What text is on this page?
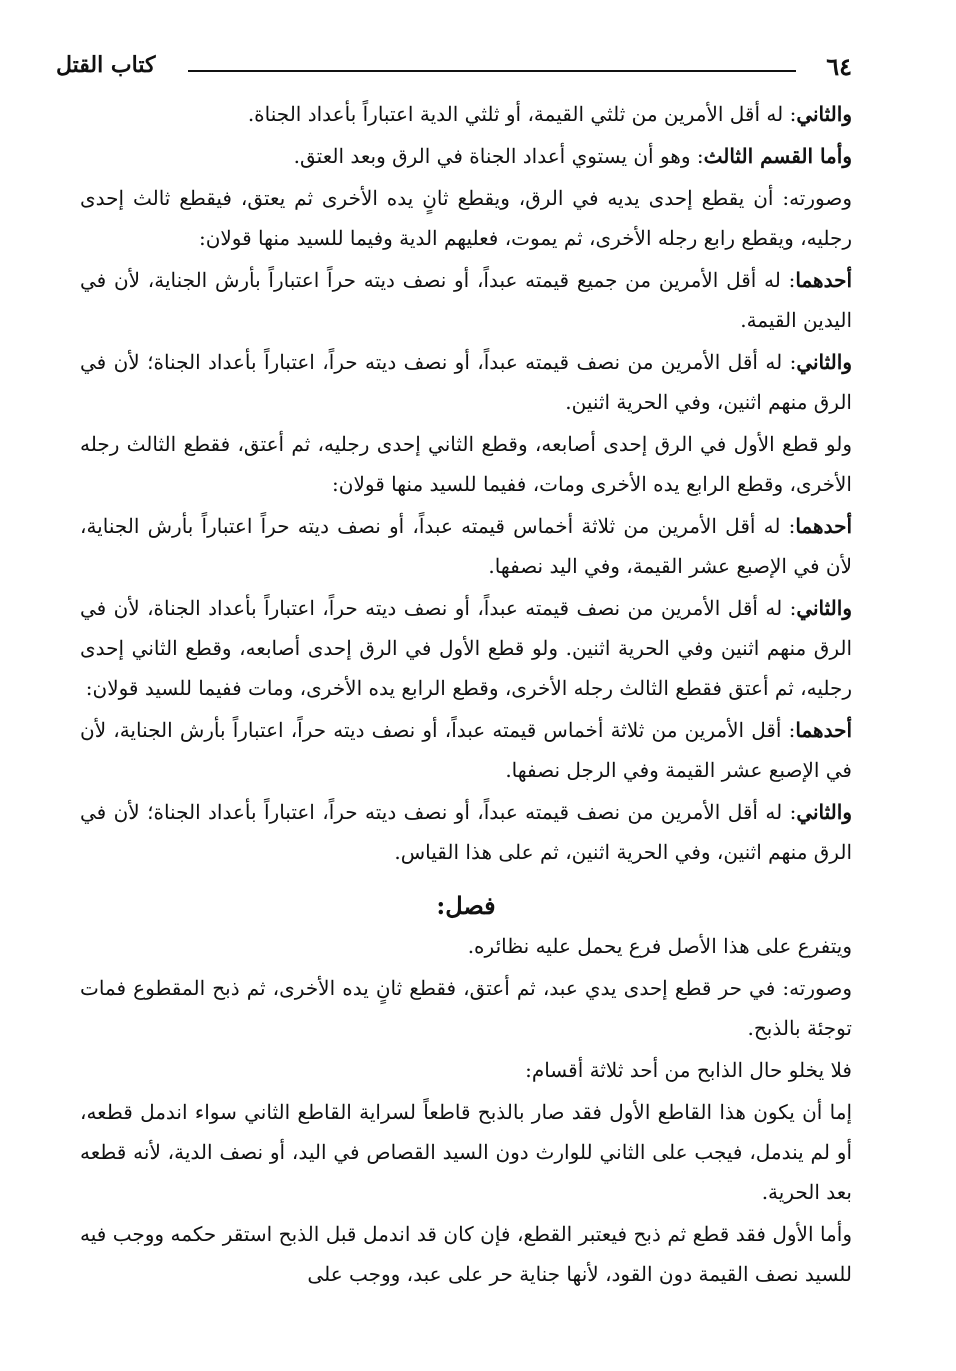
٦٤
كتاب القتل

والثاني: له أقل الأمرين من ثلثي القيمة، أو ثلثي الدية اعتباراً بأعداد الجناة.

وأما القسم الثالث: وهو أن يستوي أعداد الجناة في الرق وبعد العتق.

وصورته: أن يقطع إحدى يديه في الرق، ويقطع ثانٍ يده الأخرى ثم يعتق، فيقطع ثالث إحدى رجليه، ويقطع رابع رجله الأخرى، ثم يموت، فعليهم الدية وفيما للسيد منها قولان:

أحدهما: له أقل الأمرين من جميع قيمته عبداً، أو نصف ديته حراً اعتباراً بأرش الجناية، لأن في اليدين القيمة.

والثاني: له أقل الأمرين من نصف قيمته عبداً، أو نصف ديته حراً، اعتباراً بأعداد الجناة؛ لأن في الرق منهم اثنين، وفي الحرية اثنين.

ولو قطع الأول في الرق إحدى أصابعه، وقطع الثاني إحدى رجليه، ثم أعتق، فقطع الثالث رجله الأخرى، وقطع الرابع يده الأخرى ومات، ففيما للسيد منها قولان:

أحدهما: له أقل الأمرين من ثلاثة أخماس قيمته عبداً، أو نصف ديته حراً اعتباراً بأرش الجناية، لأن في الإصبع عشر القيمة، وفي اليد نصفها.

والثاني: له أقل الأمرين من نصف قيمته عبداً، أو نصف ديته حراً، اعتباراً بأعداد الجناة، لأن في الرق منهم اثنين وفي الحرية اثنين. ولو قطع الأول في الرق إحدى أصابعه، وقطع الثاني إحدى رجليه، ثم أعتق فقطع الثالث رجله الأخرى، وقطع الرابع يده الأخرى، ومات ففيما للسيد قولان:

أحدهما: أقل الأمرين من ثلاثة أخماس قيمته عبداً، أو نصف ديته حراً، اعتباراً بأرش الجناية، لأن في الإصبع عشر القيمة وفي الرجل نصفها.

والثاني: له أقل الأمرين من نصف قيمته عبداً، أو نصف ديته حراً، اعتباراً بأعداد الجناة؛ لأن في الرق منهم اثنين، وفي الحرية اثنين، ثم على هذا القياس.

فصل:

ويتفرع على هذا الأصل فرع يحمل عليه نظائره.

وصورته: في حر قطع إحدى يدي عبد، ثم أعتق، فقطع ثانٍ يده الأخرى، ثم ذبح المقطوع فمات توجئة بالذبح.

فلا يخلو حال الذابح من أحد ثلاثة أقسام:

إما أن يكون هذا القاطع الأول فقد صار بالذبح قاطعاً لسراية القاطع الثاني سواء اندمل قطعه، أو لم يندمل، فيجب على الثاني للوارث دون السيد القصاص في اليد، أو نصف الدية، لأنه قطعه بعد الحرية.

وأما الأول فقد قطع ثم ذبح فيعتبر القطع، فإن كان قد اندمل قبل الذبح استقر حكمه ووجب فيه للسيد نصف القيمة دون القود، لأنها جناية حر على عبد، ووجب على
